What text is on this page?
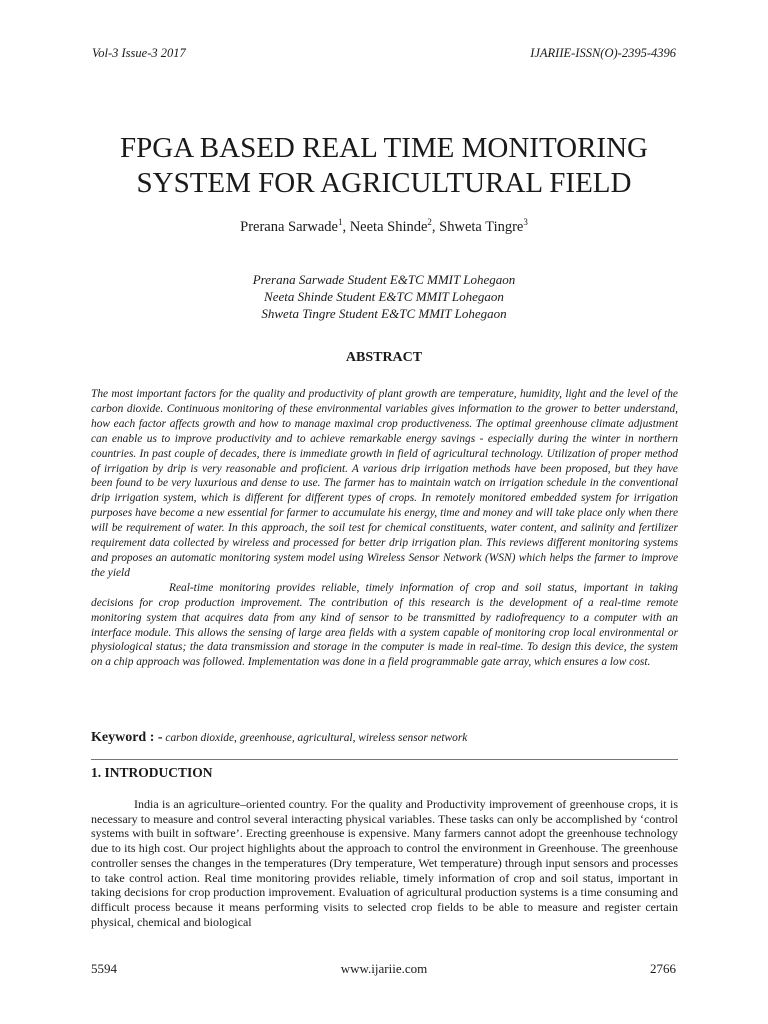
Vol-3 Issue-3 2017	IJARIIE-ISSN(O)-2395-4396
FPGA BASED REAL TIME MONITORING
SYSTEM FOR AGRICULTURAL FIELD
Prerana Sarwade$^1$, Neeta Shinde$^2$, Shweta Tingre$^3$
Prerana Sarwade Student E&TC MMIT Lohegaon
Neeta Shinde Student E&TC MMIT Lohegaon
Shweta Tingre Student E&TC MMIT Lohegaon
ABSTRACT

The most important factors for the quality and productivity of plant growth are temperature, humidity, light and the level of the carbon dioxide. Continuous monitoring of these environmental variables gives information to the grower to better understand, how each factor affects growth and how to manage maximal crop productiveness. The optimal greenhouse climate adjustment can enable us to improve productivity and to achieve remarkable energy savings - especially during the winter in northern countries. In past couple of decades, there is immediate growth in field of agricultural technology. Utilization of proper method of irrigation by drip is very reasonable and proficient. A various drip irrigation methods have been proposed, but they have been found to be very luxurious and dense to use. The farmer has to maintain watch on irrigation schedule in the conventional drip irrigation system, which is different for different types of crops. In remotely monitored embedded system for irrigation purposes have become a new essential for farmer to accumulate his energy, time and money and will take place only when there will be requirement of water. In this approach, the soil test for chemical constituents, water content, and salinity and fertilizer requirement data collected by wireless and processed for better drip irrigation plan. This reviews different monitoring systems and proposes an automatic monitoring system model using Wireless Sensor Network (WSN) which helps the farmer to improve the yield

Real-time monitoring provides reliable, timely information of crop and soil status, important in taking decisions for crop production improvement. The contribution of this research is the development of a real-time remote monitoring system that acquires data from any kind of sensor to be transmitted by radiofrequency to a computer with an interface module. This allows the sensing of large area fields with a system capable of monitoring crop local environmental or physiological status; the data transmission and storage in the computer is made in real-time. To design this device, the system on a chip approach was followed. Implementation was done in a field programmable gate array, which ensures a low cost.

Keyword : - carbon dioxide, greenhouse, agricultural, wireless sensor network
1. INTRODUCTION

India is an agriculture–oriented country. For the quality and Productivity improvement of greenhouse crops, it is necessary to measure and control several interacting physical variables. These tasks can only be accomplished by ‘control systems with built in software’. Erecting greenhouse is expensive. Many farmers cannot adopt the greenhouse technology due to its high cost. Our project highlights about the approach to control the environment in Greenhouse. The greenhouse controller senses the changes in the temperatures (Dry temperature, Wet temperature) through input sensors and processes to take control action. Real time monitoring provides reliable, timely information of crop and soil status, important in taking decisions for crop production improvement. Evaluation of agricultural production systems is a time consuming and difficult process because it means performing visits to selected crop fields to be able to measure and register certain physical, chemical and biological

5594	www.ijariie.com	2766
